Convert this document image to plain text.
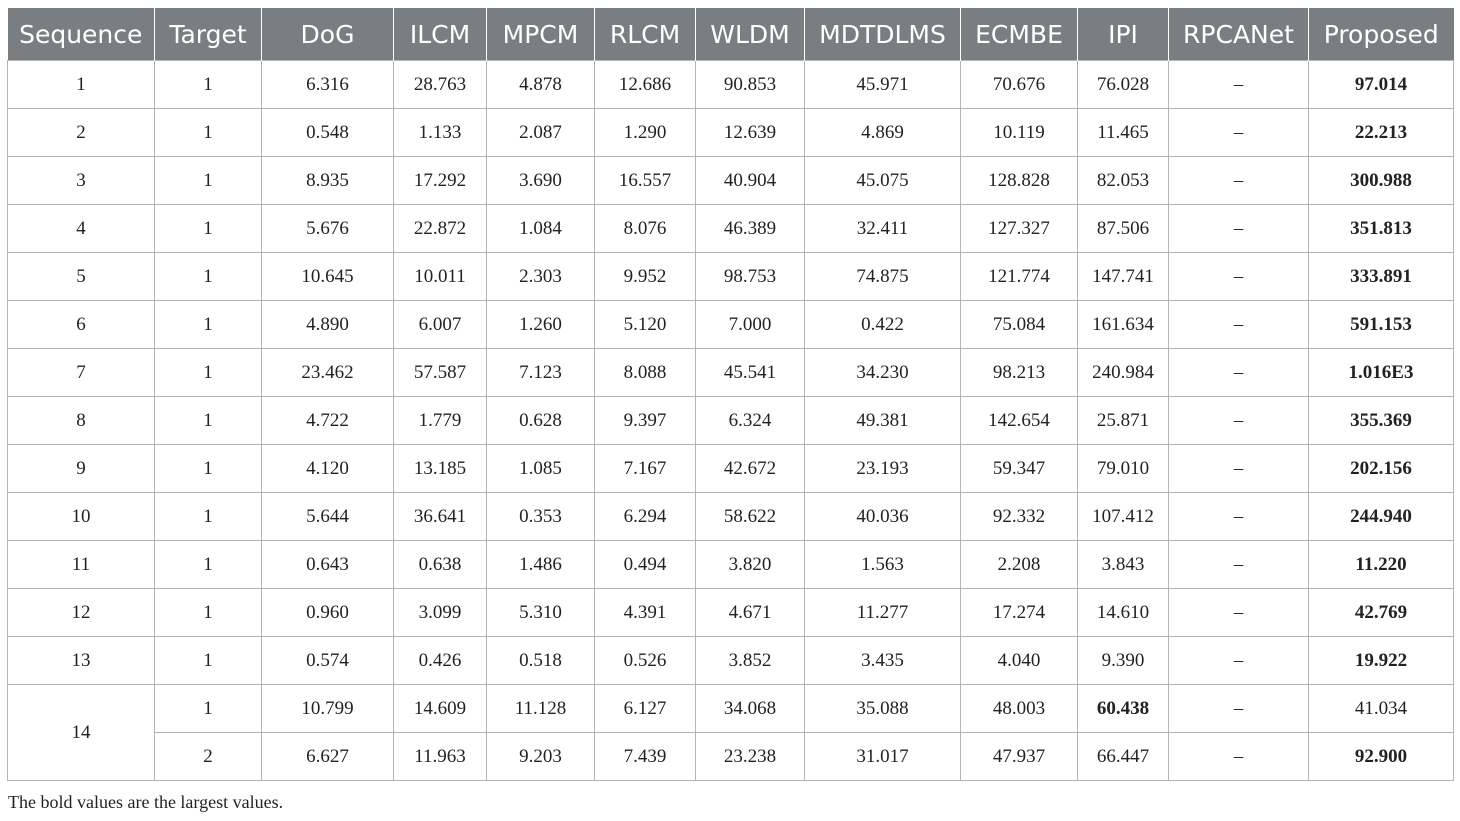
Sequence	Target	DoG	ILCM	MPCM	RLCM	WLDM	MDTDLMS	ECMBE	IPI	RPCANet	Proposed
1	1	6.316	28.763	4.878	12.686	90.853	45.971	70.676	76.028	–	97.014
2	1	0.548	1.133	2.087	1.290	12.639	4.869	10.119	11.465	–	22.213
3	1	8.935	17.292	3.690	16.557	40.904	45.075	128.828	82.053	–	300.988
4	1	5.676	22.872	1.084	8.076	46.389	32.411	127.327	87.506	–	351.813
5	1	10.645	10.011	2.303	9.952	98.753	74.875	121.774	147.741	–	333.891
6	1	4.890	6.007	1.260	5.120	7.000	0.422	75.084	161.634	–	591.153
7	1	23.462	57.587	7.123	8.088	45.541	34.230	98.213	240.984	–	1.016E3
8	1	4.722	1.779	0.628	9.397	6.324	49.381	142.654	25.871	–	355.369
9	1	4.120	13.185	1.085	7.167	42.672	23.193	59.347	79.010	–	202.156
10	1	5.644	36.641	0.353	6.294	58.622	40.036	92.332	107.412	–	244.940
11	1	0.643	0.638	1.486	0.494	3.820	1.563	2.208	3.843	–	11.220
12	1	0.960	3.099	5.310	4.391	4.671	11.277	17.274	14.610	–	42.769
13	1	0.574	0.426	0.518	0.526	3.852	3.435	4.040	9.390	–	19.922
14	1	10.799	14.609	11.128	6.127	34.068	35.088	48.003	60.438	–	41.034
	2	6.627	11.963	9.203	7.439	23.238	31.017	47.937	66.447	–	92.900
The bold values are the largest values.
